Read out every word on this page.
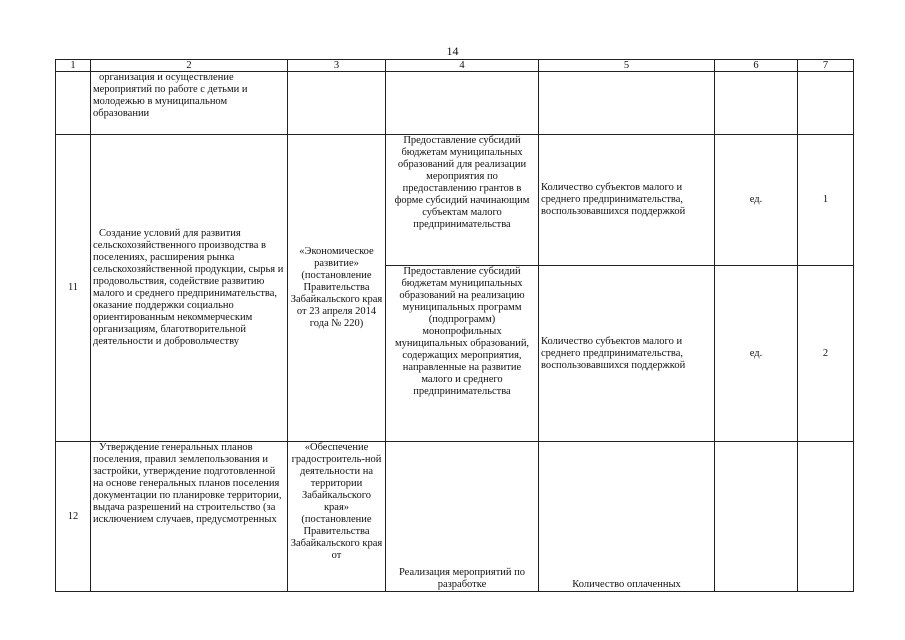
14
1	2	3	4	5	6	7
	организация и осуществление мероприятий по работе с детьми и молодежью в муниципальном образовании					
11	Создание условий для развития сельскохозяйственного производства в поселениях, расширения рынка сельскохозяйственной продукции, сырья и продовольствия, содействие развитию малого и среднего предпринимательства, оказание поддержки социально ориентированным некоммерческим организациям, благотворительной деятельности и добровольчеству	«Экономическое развитие» (постановление Правительства Забайкальского края от 23 апреля 2014 года № 220)	Предоставление субсидий бюджетам муниципальных образований для реализации мероприятия по предоставлению грантов в форме субсидий начинающим субъектам малого предпринимательства	Количество субъектов малого и среднего предпринимательства, воспользовавшихся поддержкой	ед.	1
			Предоставление субсидий бюджетам муниципальных образований на реализацию муниципальных программ (подпрограмм) монопрофильных муниципальных образований, содержащих мероприятия, направленные на развитие малого и среднего предпринимательства	Количество субъектов малого и среднего предпринимательства, воспользовавшихся поддержкой	ед.	2
12	Утверждение генеральных планов поселения, правил землепользования и застройки, утверждение подготовленной на основе генеральных планов поселения документации по планировке территории, выдача разрешений на строительство (за исключением случаев, предусмотренных	«Обеспечение градостроитель-ной деятельности на территории Забайкальского края» (постановление Правительства Забайкальского края от	Реализация мероприятий по разработке	Количество оплаченных		
